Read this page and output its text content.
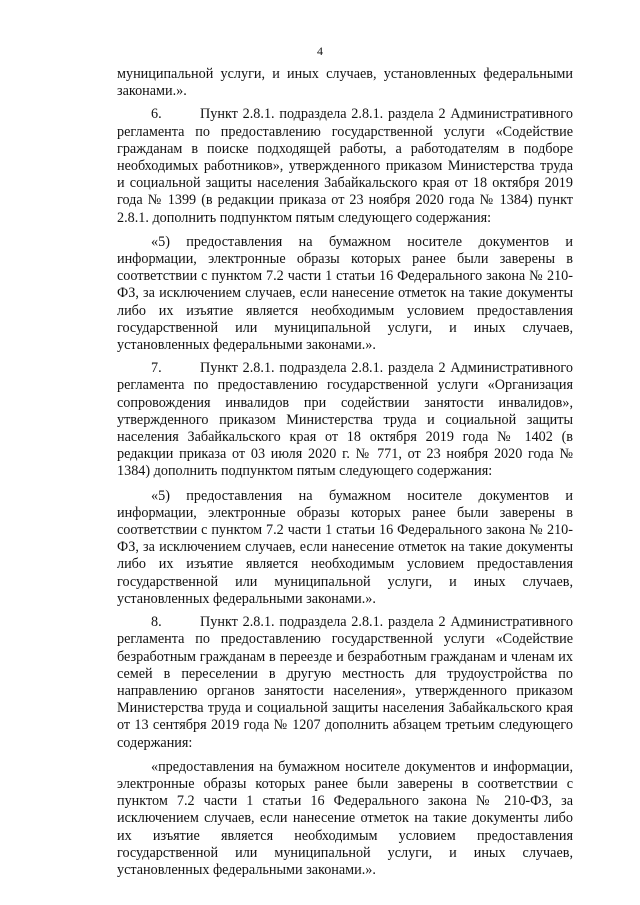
4

муниципальной услуги, и иных случаев, установленных федеральными законами.».

6.        Пункт 2.8.1. подраздела 2.8.1. раздела 2 Административного регламента по предоставлению государственной услуги «Содействие гражданам в поиске подходящей работы, а работодателям в подборе необходимых работников», утвержденного приказом Министерства труда и социальной защиты населения Забайкальского края от 18 октября 2019 года № 1399 (в редакции приказа от 23 ноября 2020 года № 1384) пункт 2.8.1. дополнить подпунктом пятым следующего содержания:

«5) предоставления на бумажном носителе документов и информации, электронные образы которых ранее были заверены в соответствии с пунктом 7.2 части 1 статьи 16 Федерального закона № 210-ФЗ, за исключением случаев, если нанесение отметок на такие документы либо их изъятие является необходимым условием предоставления государственной или муниципальной услуги, и иных случаев, установленных федеральными законами.».

7.        Пункт 2.8.1. подраздела 2.8.1. раздела 2 Административного регламента по предоставлению государственной услуги «Организация сопровождения инвалидов при содействии занятости инвалидов», утвержденного приказом Министерства труда и социальной защиты населения Забайкальского края от 18 октября 2019 года № 1402 (в редакции приказа от 03 июля 2020 г. № 771, от 23 ноября 2020 года № 1384) дополнить подпунктом пятым следующего содержания:

«5) предоставления на бумажном носителе документов и информации, электронные образы которых ранее были заверены в соответствии с пунктом 7.2 части 1 статьи 16 Федерального закона № 210-ФЗ, за исключением случаев, если нанесение отметок на такие документы либо их изъятие является необходимым условием предоставления государственной или муниципальной услуги, и иных случаев, установленных федеральными законами.».

8.        Пункт 2.8.1. подраздела 2.8.1. раздела 2 Административного регламента по предоставлению государственной услуги «Содействие безработным гражданам в переезде и безработным гражданам и членам их семей в переселении в другую местность для трудоустройства по направлению органов занятости населения», утвержденного приказом Министерства труда и социальной защиты населения Забайкальского края от 13 сентября 2019 года № 1207 дополнить абзацем третьим следующего содержания:

«предоставления на бумажном носителе документов и информации, электронные образы которых ранее были заверены в соответствии с пунктом 7.2 части 1 статьи 16 Федерального закона № 210-ФЗ, за исключением случаев, если нанесение отметок на такие документы либо их изъятие является необходимым условием предоставления государственной или муниципальной услуги, и иных случаев, установленных федеральными законами.».
